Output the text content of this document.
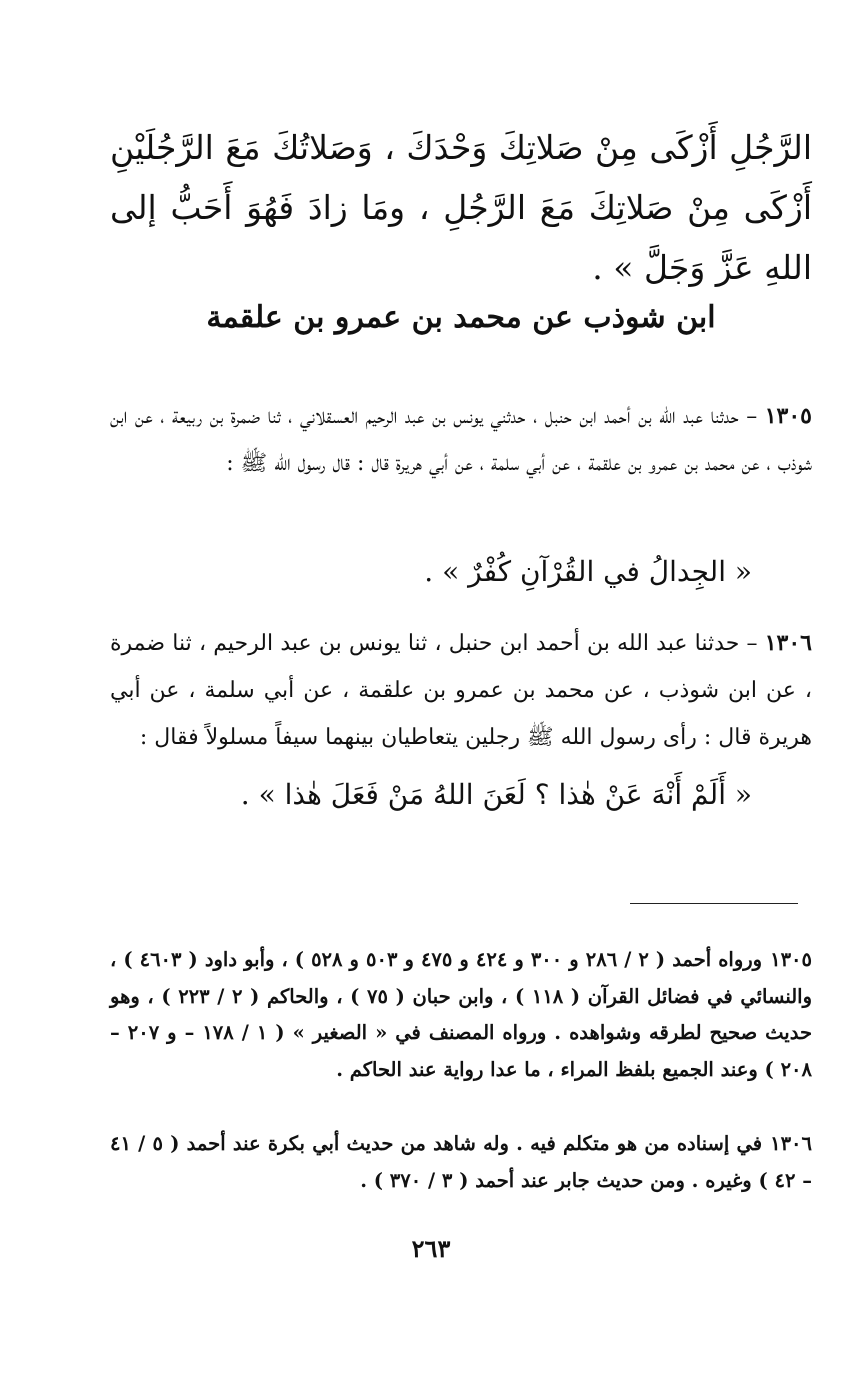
الرَّجُلِ أَزْكَى مِنْ صَلاتِكَ وَحْدَكَ ، وَصَلاتُكَ مَعَ الرَّجُلَيْنِ أَزْكَى مِنْ صَلاتِكَ مَعَ الرَّجُلِ ، ومَا زادَ فَهُوَ أَحَبُّ إلى اللهِ عَزَّ وَجَلَّ » .
ابن شوذب عن محمد بن عمرو بن علقمة
١٣٠٥ – حدثنا عبد الله بن أحمد ابن حنبل ، حدثني يونس بن عبد الرحيم العسقلاني ، ثنا ضمرة بن ربيعة ، عن ابن شوذب ، عن محمد بن عمرو بن علقمة ، عن أبي سلمة ، عن أبي هريرة قال : قال رسول الله ﷺ :
« الجِدالُ في القُرْآنِ كُفْرٌ » .
١٣٠٦ – حدثنا عبد الله بن أحمد ابن حنبل ، ثنا يونس بن عبد الرحيم ، ثنا ضمرة ، عن ابن شوذب ، عن محمد بن عمرو بن علقمة ، عن أبي سلمة ، عن أبي هريرة قال : رأى رسول الله ﷺ رجلين يتعاطيان بينهما سيفاً مسلولاً فقال :
« أَلَمْ أَنْهَ عَنْ هٰذا ؟ لَعَنَ اللهُ مَنْ فَعَلَ هٰذا » .
١٣٠٥ورواه أحمد ( ٢ / ٢٨٦ و ٣٠٠ و ٤٢٤ و ٤٧٥ و ٥٠٣ و ٥٢٨ ) ، وأبو داود ( ٤٦٠٣ ) ، والنسائي في فضائل القرآن ( ١١٨ ) ، وابن حبان ( ٧٥ ) ، والحاكم ( ٢ / ٢٢٣ ) ، وهو حديث صحيح لطرقه وشواهده . ورواه المصنف في « الصغير » ( ١ / ١٧٨ – و ٢٠٧ – ٢٠٨ ) وعند الجميع بلفظ المراء ، ما عدا رواية عند الحاكم .
١٣٠٦في إسناده من هو متكلم فيه . وله شاهد من حديث أبي بكرة عند أحمد ( ٥ / ٤١ – ٤٢ ) وغيره . ومن حديث جابر عند أحمد ( ٣ / ٣٧٠ ) .
٢٦٣
